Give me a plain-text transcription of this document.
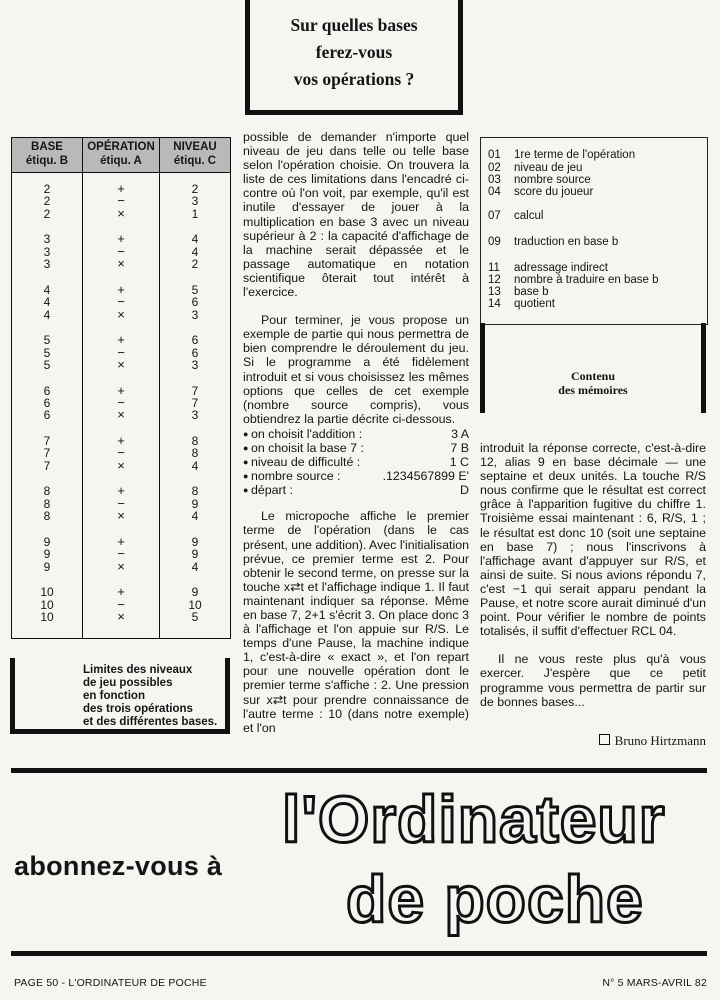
Sur quelles bases
ferez-vous
vos opérations ?
BASE
étiqu. B
OPÉRATION
étiqu. A
NIVEAU
étiqu. C
2	+	2
2	−	3
2	×	1
3	+	4
3	−	4
3	×	2
4	+	5
4	−	6
4	×	3
5	+	6
5	−	6
5	×	3
6	+	7
6	−	7
6	×	3
7	+	8
7	−	8
7	×	4
8	+	8
8	−	9
8	×	4
9	+	9
9	−	9
9	×	4
10	+	9
10	−	10
10	×	5
Limites des niveaux
de jeu possibles
en fonction
des trois opérations
et des différentes bases.

possible de demander n'importe quel niveau de jeu dans telle ou telle base selon l'opération choisie. On trouvera la liste de ces limitations dans l'encadré ci-contre où l'on voit, par exemple, qu'il est inutile d'essayer de jouer à la multiplication en base 3 avec un niveau supérieur à 2 : la capacité d'affichage de la machine serait dépassée et le passage automatique en notation scientifique ôterait tout intérêt à l'exercice.

Pour terminer, je vous propose un exemple de partie qui nous permettra de bien comprendre le déroulement du jeu. Si le programme a été fidèlement introduit et si vous choisissez les mêmes options que celles de cet exemple (nombre source compris), vous obtiendrez la partie décrite ci-dessous.

● on choisit l'addition :	3 A
● on choisit la base 7 :	7 B
● niveau de difficulté :	1 C
● nombre source :	.1234567899 E'
● départ :	D

Le micropoche affiche le premier terme de l'opération (dans le cas présent, une addition). Avec l'initialisation prévue, ce premier terme est 2. Pour obtenir le second terme, on presse sur la touche x⇄t et l'affichage indique 1. Il faut maintenant indiquer sa réponse. Même en base 7, 2+1 s'écrit 3. On place donc 3 à l'affichage et l'on appuie sur R/S. Le temps d'une Pause, la machine indique 1, c'est-à-dire « exact », et l'on repart pour une nouvelle opération dont le premier terme s'affiche : 2. Une pression sur x⇄t pour prendre connaissance de l'autre terme : 10 (dans notre exemple) et l'on

01 1re terme de l'opération
02 niveau de jeu
03 nombre source
04 score du joueur
07 calcul
09 traduction en base b
11 adressage indirect
12 nombre à traduire en base b
13 base b
14 quotient
Contenu
des mémoires

introduit la réponse correcte, c'est-à-dire 12, alias 9 en base décimale — une septaine et deux unités. La touche R/S nous confirme que le résultat est correct grâce à l'apparition fugitive du chiffre 1. Troisième essai maintenant : 6, R/S, 1 ; le résultat est donc 10 (soit une septaine en base 7) ; nous l'inscrivons à l'affichage avant d'appuyer sur R/S, et ainsi de suite. Si nous avions répondu 7, c'est −1 qui serait apparu pendant la Pause, et notre score aurait diminué d'un point. Pour vérifier le nombre de points totalisés, il suffit d'effectuer RCL 04.

Il ne vous reste plus qu'à vous exercer. J'espère que ce petit programme vous permettra de partir sur de bonnes bases...

Bruno Hirtzmann
abonnez-vous à
l'Ordinateur
de poche
PAGE 50 - L'ORDINATEUR DE POCHE	N° 5 MARS-AVRIL 82
